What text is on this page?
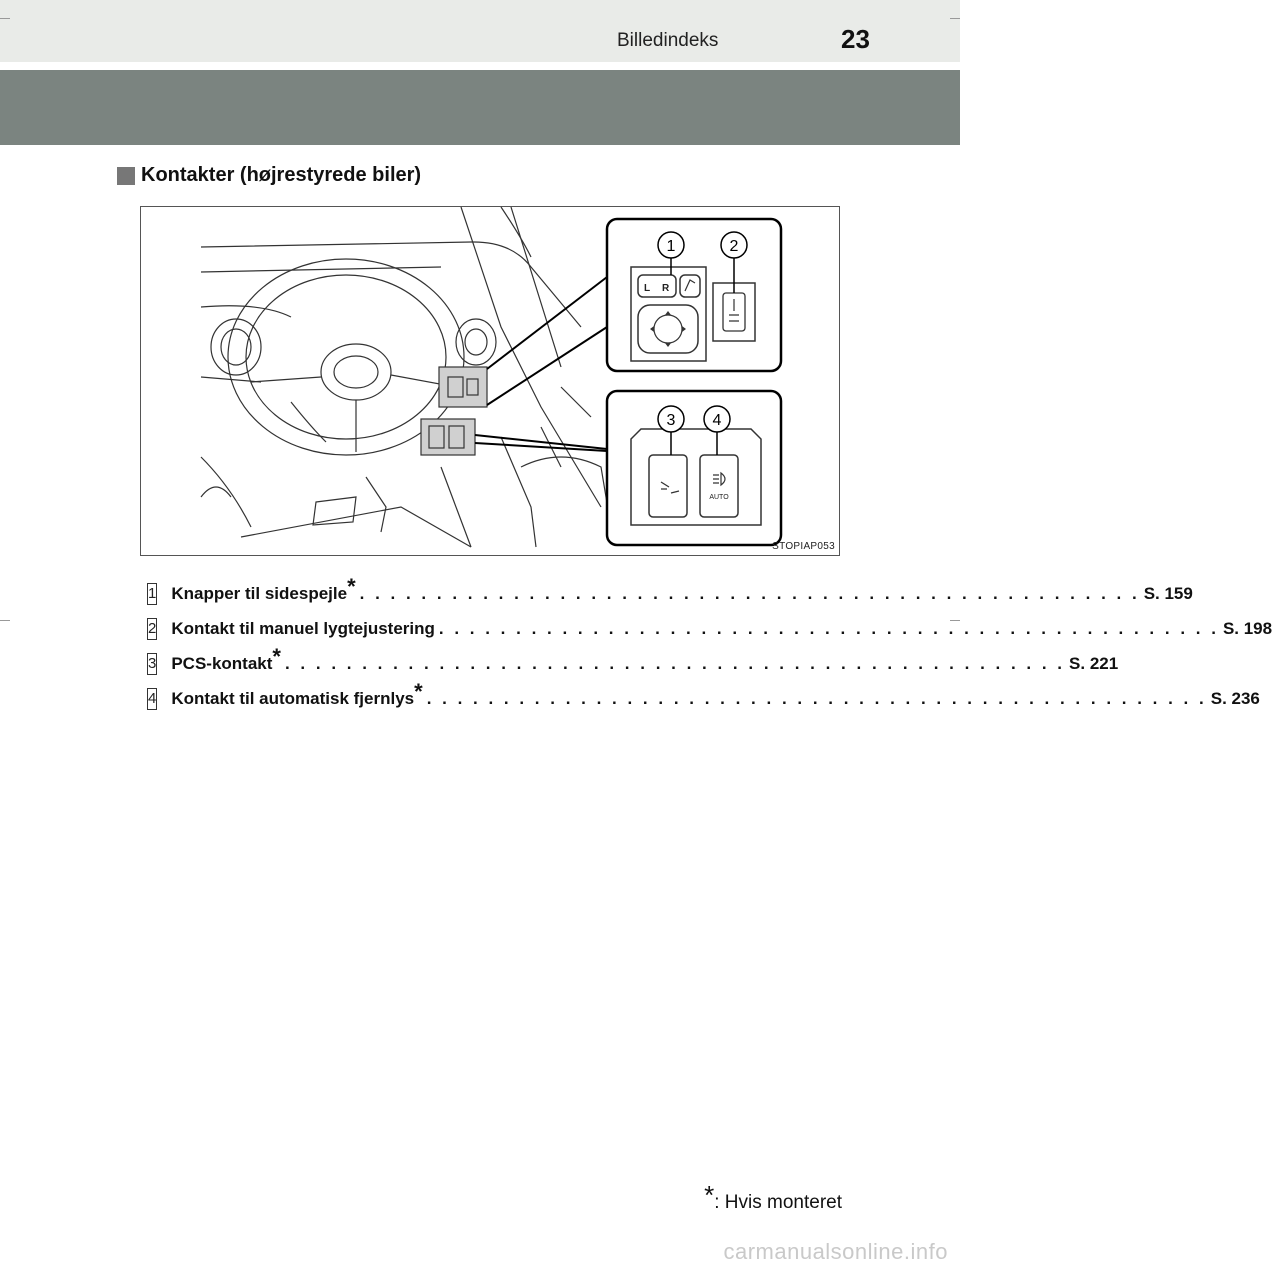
Billedindeks	23
Kontakter (højrestyrede biler)
L R
1	2
AUTO
3 4
STOPIAP053
1 Knapper til sidespejle* . . . . . . . . . . . . . . . . . . . . . . . . . . . . . . . . . . . . . . . . . . . . . . . . . . . S. 159
2 Kontakt til manuel lygtejustering . . . . . . . . . . . . . . . . . . . . . . . . . . . . . . . . . . . . . . . . . . . . . . . . . . . S. 198
3 PCS-kontakt* . . . . . . . . . . . . . . . . . . . . . . . . . . . . . . . . . . . . . . . . . . . . . . . . . . . S. 221
4 Kontakt til automatisk fjernlys* . . . . . . . . . . . . . . . . . . . . . . . . . . . . . . . . . . . . . . . . . . . . . . . . . . . S. 236
*: Hvis monteret
carmanualsonline.info
